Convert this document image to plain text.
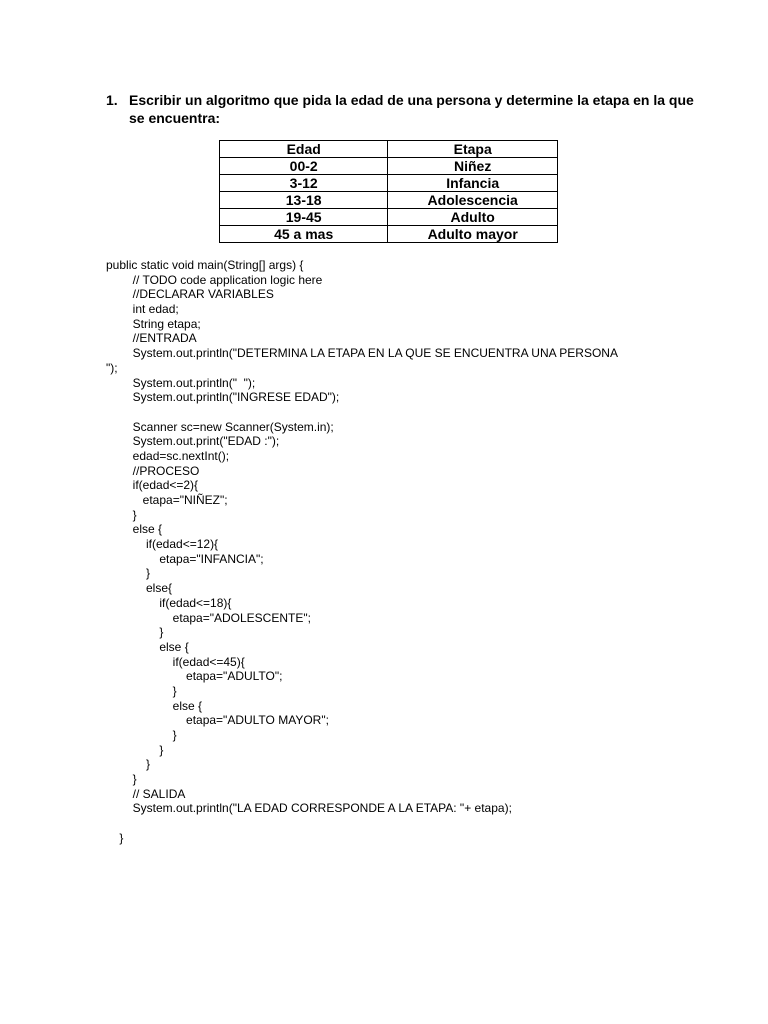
1. Escribir un algoritmo que pida la edad de una persona y determine la etapa en la que se encuentra:
Edad	Etapa
00-2	Niñez
3-12	Infancia
13-18	Adolescencia
19-45	Adulto
45 a mas	Adulto mayor
public static void main(String[] args) {
// TODO code application logic here
//DECLARAR VARIABLES
int edad;
String etapa;
//ENTRADA
System.out.println("DETERMINA LA ETAPA EN LA QUE SE ENCUENTRA UNA PERSONA
");
System.out.println("  ");
System.out.println("INGRESE EDAD");
Scanner sc=new Scanner(System.in);
System.out.print("EDAD :");
edad=sc.nextInt();
//PROCESO
if(edad<=2){
etapa="NIÑEZ";
}
else {
if(edad<=12){
etapa="INFANCIA";
}
else{
if(edad<=18){
etapa="ADOLESCENTE";
}
else {
if(edad<=45){
etapa="ADULTO";
}
else {
etapa="ADULTO MAYOR";
}
}
}
}
// SALIDA
System.out.println("LA EDAD CORRESPONDE A LA ETAPA: "+ etapa);
}
